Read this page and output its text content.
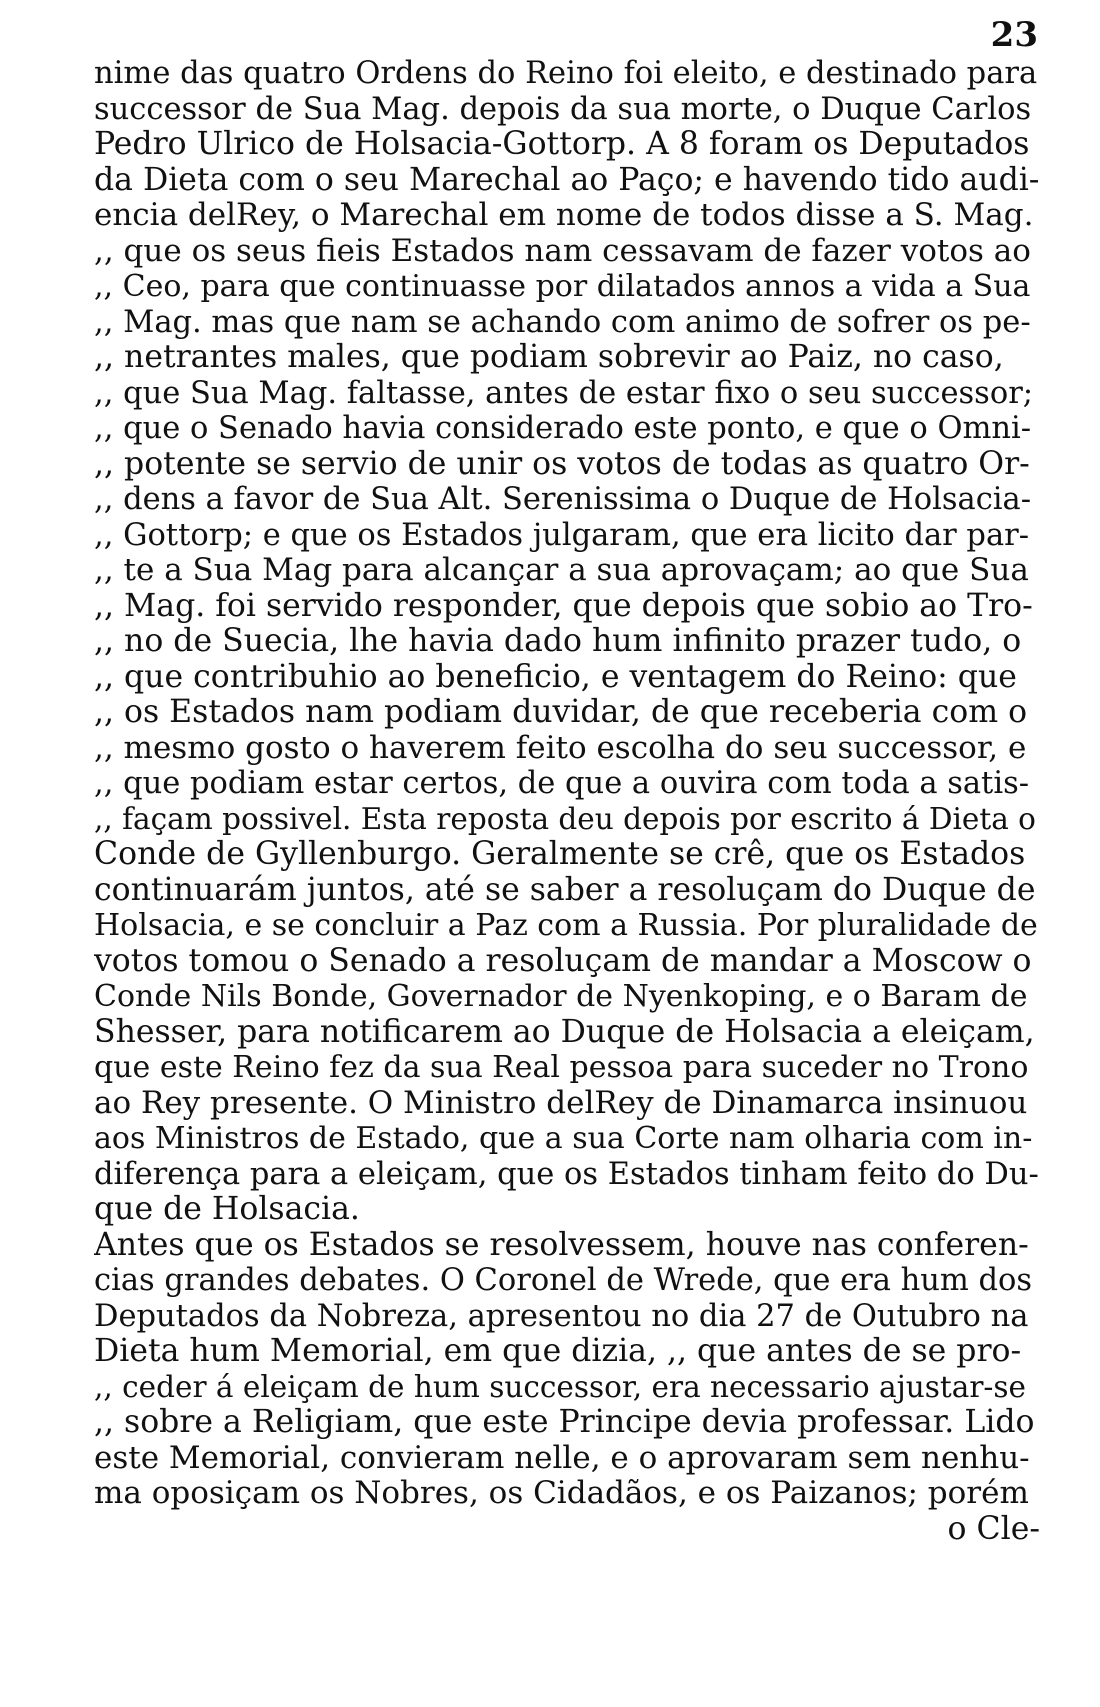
23
nime das quatro Ordens do Reino foi eleito, e destinado para
successor de Sua Mag. depois da sua morte, o Duque Carlos
Pedro Ulrico de Holsacia-Gottorp. A 8 foram os Deputados
da Dieta com o seu Marechal ao Paço; e havendo tido audi-
encia delRey, o Marechal em nome de todos disse a S. Mag.
,, que os seus fieis Estados nam cessavam de fazer votos ao
,, Ceo, para que continuasse por dilatados annos a vida a Sua
,, Mag. mas que nam se achando com animo de sofrer os pe-
,, netrantes males, que podiam sobrevir ao Paiz, no caso,
,, que Sua Mag. faltasse, antes de estar fixo o seu successor;
,, que o Senado havia considerado este ponto, e que o Omni-
,, potente se servio de unir os votos de todas as quatro Or-
,, dens a favor de Sua Alt. Serenissima o Duque de Holsacia-
,, Gottorp; e que os Estados julgaram, que era licito dar par-
,, te a Sua Mag para alcançar a sua aprovaçam; ao que Sua
,, Mag. foi servido responder, que depois que sobio ao Tro-
,, no de Suecia, lhe havia dado hum infinito prazer tudo, o
,, que contribuhio ao beneficio, e ventagem do Reino: que
,, os Estados nam podiam duvidar, de que receberia com o
,, mesmo gosto o haverem feito escolha do seu successor, e
,, que podiam estar certos, de que a ouvira com toda a satis-
,, façam possivel. Esta reposta deu depois por escrito á Dieta o
Conde de Gyllenburgo. Geralmente se crê, que os Estados
continuarám juntos, até se saber a resoluçam do Duque de
Holsacia, e se concluir a Paz com a Russia. Por pluralidade de
votos tomou o Senado a resoluçam de mandar a Moscow o
Conde Nils Bonde, Governador de Nyenkoping, e o Baram de
Shesser, para notificarem ao Duque de Holsacia a eleiçam,
que este Reino fez da sua Real pessoa para suceder no Trono
ao Rey presente. O Ministro delRey de Dinamarca insinuou
aos Ministros de Estado, que a sua Corte nam olharia com in-
diferença para a eleiçam, que os Estados tinham feito do Du-
que de Holsacia.
Antes que os Estados se resolvessem, houve nas conferen-
cias grandes debates. O Coronel de Wrede, que era hum dos
Deputados da Nobreza, apresentou no dia 27 de Outubro na
Dieta hum Memorial, em que dizia, ,, que antes de se pro-
,, ceder á eleiçam de hum successor, era necessario ajustar-se
,, sobre a Religiam, que este Principe devia professar. Lido
este Memorial, convieram nelle, e o aprovaram sem nenhu-
ma oposiçam os Nobres, os Cidadãos, e os Paizanos; porém
o Cle-
